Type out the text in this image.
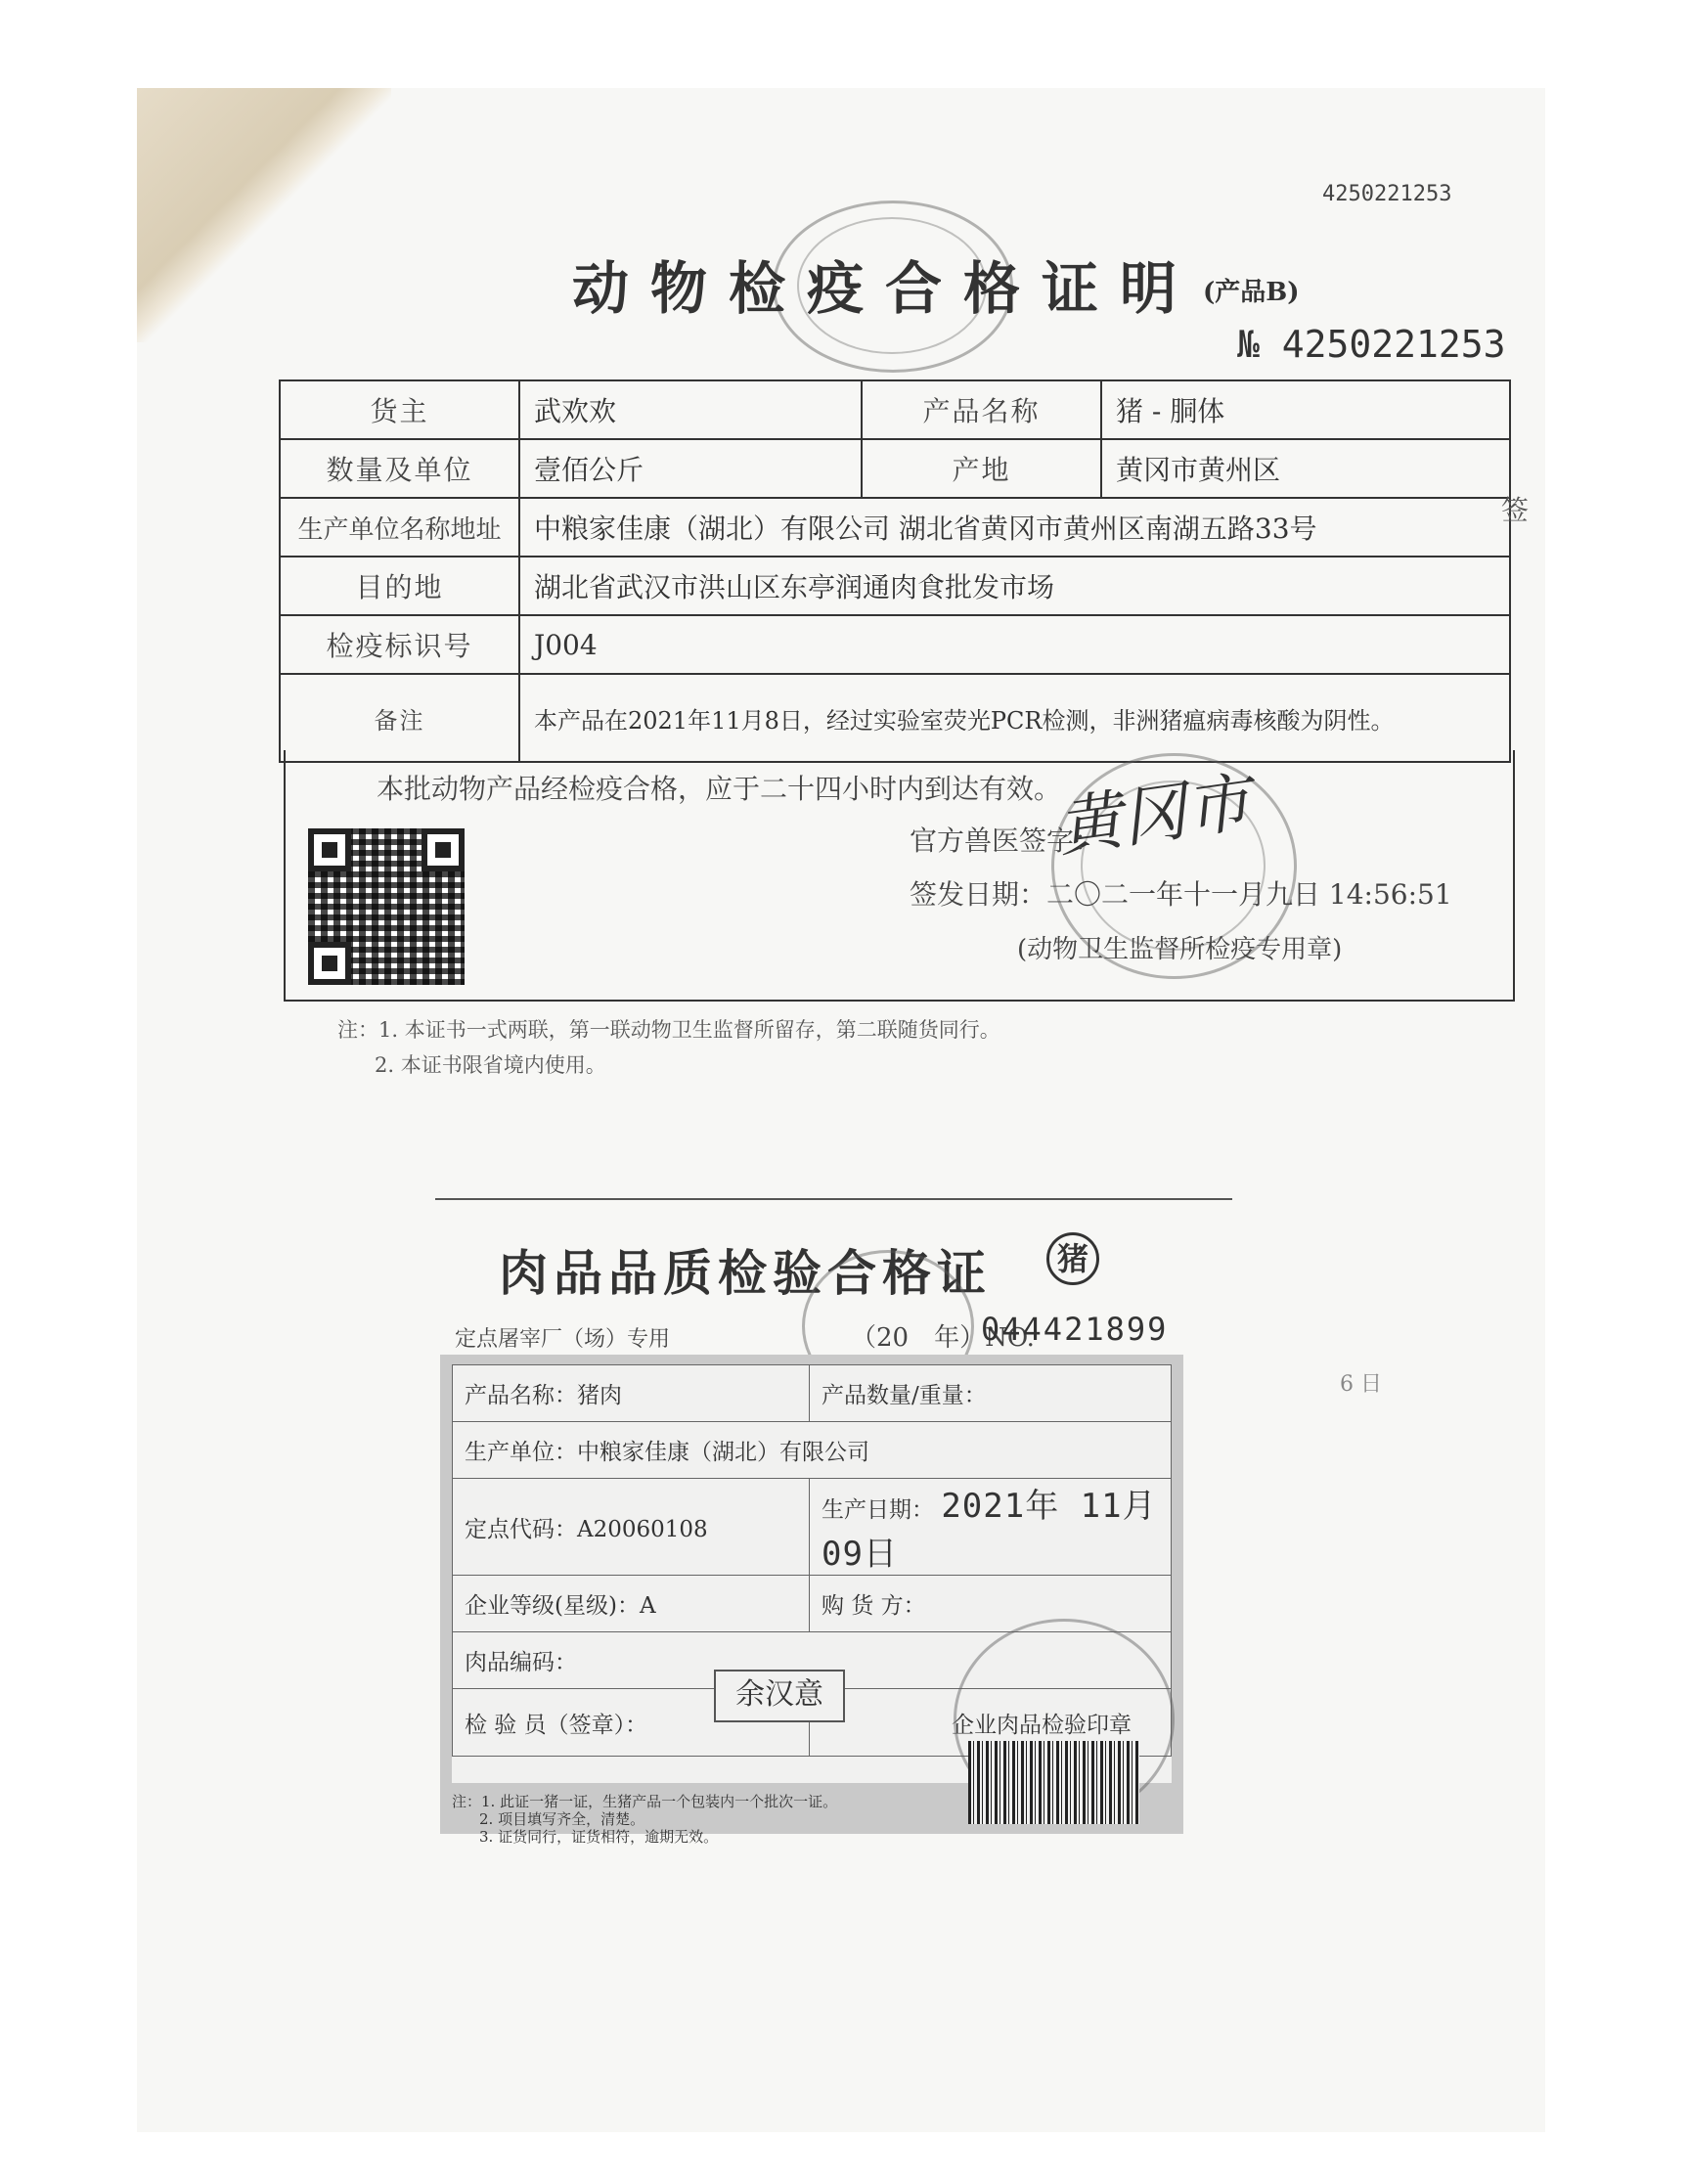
4250221253
动物检疫合格证明 (产品B)
№ 4250221253
货主	武欢欢	产品名称	猪 - 胴体
数量及单位	壹佰公斤	产地	黄冈市黄州区
生产单位名称地址	中粮家佳康（湖北）有限公司 湖北省黄冈市黄州区南湖五路33号		
目的地	湖北省武汉市洪山区东亭润通肉食批发市场		
检疫标识号	J004		
备注	本产品在2021年11月8日，经过实验室荧光PCR检测，非洲猪瘟病毒核酸为阴性。		
本批动物产品经检疫合格，应于二十四小时内到达有效。
黄冈市
官方兽医签字：
签发日期：二〇二一年十一月九日 14:56:51
(动物卫生监督所检疫专用章)
注：1. 本证书一式两联，第一联动物卫生监督所留存，第二联随货同行。
2. 本证书限省境内使用。
签
肉品品质检验合格证	猪
定点屠宰厂（场）专用	（20　年）NO.
044421899
6 日
产品名称：猪肉	产品数量/重量：
生产单位：中粮家佳康（湖北）有限公司	
定点代码：A20060108	生产日期： 2021年 11月09日
企业等级(星级)：A	购 货 方：
肉品编码：	
检 验 员（签章）：	企业肉品检验印章
余汉意
注：1. 此证一猪一证，生猪产品一个包装内一个批次一证。
2. 项目填写齐全，清楚。
3. 证货同行，证货相符，逾期无效。
